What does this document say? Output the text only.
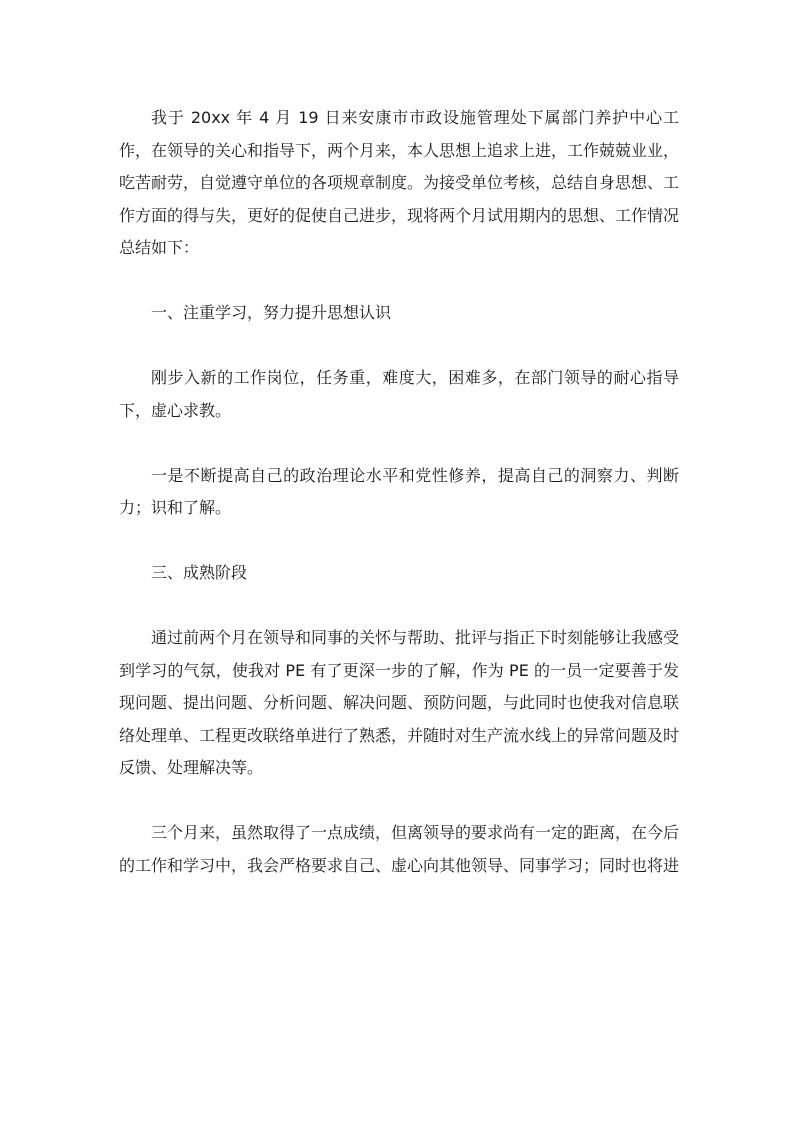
我于 20xx 年 4 月 19 日来安康市市政设施管理处下属部门养护中心工作，在领导的关心和指导下，两个月来，本人思想上追求上进，工作兢兢业业，吃苦耐劳，自觉遵守单位的各项规章制度。为接受单位考核，总结自身思想、工作方面的得与失，更好的促使自己进步，现将两个月试用期内的思想、工作情况总结如下：

一、注重学习，努力提升思想认识

刚步入新的工作岗位，任务重，难度大，困难多，在部门领导的耐心指导下，虚心求教。

一是不断提高自己的政治理论水平和党性修养，提高自己的洞察力、判断力；识和了解。

三、成熟阶段

通过前两个月在领导和同事的关怀与帮助、批评与指正下时刻能够让我感受到学习的气氛，使我对 PE 有了更深一步的了解，作为 PE 的一员一定要善于发现问题、提出问题、分析问题、解决问题、预防问题，与此同时也使我对信息联络处理单、工程更改联络单进行了熟悉，并随时对生产流水线上的异常问题及时反馈、处理解决等。

三个月来，虽然取得了一点成绩，但离领导的要求尚有一定的距离，在今后的工作和学习中，我会严格要求自己、虚心向其他领导、同事学习；同时也将进
